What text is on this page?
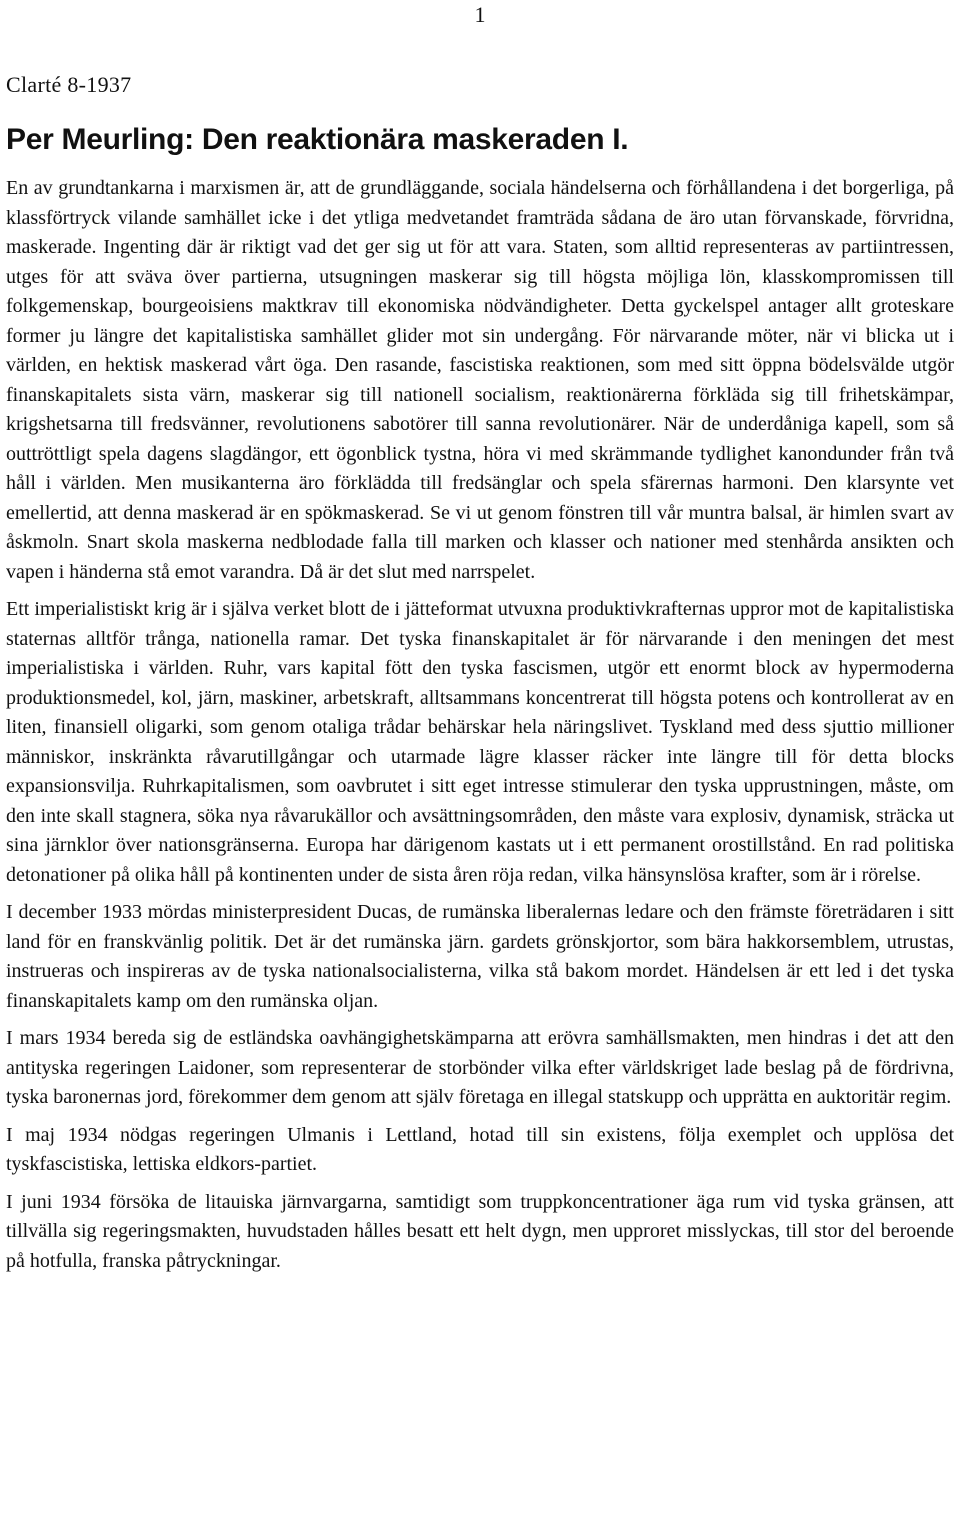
1
Clarté 8-1937
Per Meurling: Den reaktionära maskeraden I.

En av grundtankarna i marxismen är, att de grundläggande, sociala händelserna och förhållandena i det borgerliga, på klassförtryck vilande samhället icke i det ytliga medvetandet framträda sådana de äro utan förvanskade, förvridna, maskerade. Ingenting där är riktigt vad det ger sig ut för att vara. Staten, som alltid representeras av partiintressen, utges för att sväva över partierna, utsugningen maskerar sig till högsta möjliga lön, klasskompromissen till folkgemenskap, bourgeoisiens maktkrav till ekonomiska nödvändigheter. Detta gyckelspel antager allt groteskare former ju längre det kapitalistiska samhället glider mot sin undergång. För närvarande möter, när vi blicka ut i världen, en hektisk maskerad vårt öga. Den rasande, fascistiska reaktionen, som med sitt öppna bödelsvälde utgör finanskapitalets sista värn, maskerar sig till nationell socialism, reaktionärerna förkläda sig till frihetskämpar, krigshetsarna till fredsvänner, revolutionens sabotörer till sanna revolutionärer. När de underdåniga kapell, som så outtröttligt spela dagens slagdängor, ett ögonblick tystna, höra vi med skrämmande tydlighet kanondunder från två håll i världen. Men musikanterna äro förklädda till fredsänglar och spela sfärernas harmoni. Den klarsynte vet emellertid, att denna maskerad är en spökmaskerad. Se vi ut genom fönstren till vår muntra balsal, är himlen svart av åskmoln. Snart skola maskerna nedblodade falla till marken och klasser och nationer med stenhårda ansikten och vapen i händerna stå emot varandra. Då är det slut med narrspelet.

Ett imperialistiskt krig är i själva verket blott de i jätteformat utvuxna produktivkrafternas uppror mot de kapitalistiska staternas alltför trånga, nationella ramar. Det tyska finanskapitalet är för närvarande i den meningen det mest imperialistiska i världen. Ruhr, vars kapital fött den tyska fascismen, utgör ett enormt block av hypermoderna produktionsmedel, kol, järn, maskiner, arbetskraft, alltsammans koncentrerat till högsta potens och kontrollerat av en liten, finansiell oligarki, som genom otaliga trådar behärskar hela näringslivet. Tyskland med dess sjuttio millioner människor, inskränkta råvarutillgångar och utarmade lägre klasser räcker inte längre till för detta blocks expansionsvilja. Ruhrkapitalismen, som oavbrutet i sitt eget intresse stimulerar den tyska upprustningen, måste, om den inte skall stagnera, söka nya råvarukällor och avsättningsområden, den måste vara explosiv, dynamisk, sträcka ut sina järnklor över nationsgränserna. Europa har därigenom kastats ut i ett permanent orostillstånd. En rad politiska detonationer på olika håll på kontinenten under de sista åren röja redan, vilka hänsynslösa krafter, som är i rörelse.

I december 1933 mördas ministerpresident Ducas, de rumänska liberalernas ledare och den främste företrädaren i sitt land för en franskvänlig politik. Det är det rumänska järn. gardets grönskjortor, som bära hakkorsemblem, utrustas, instrueras och inspireras av de tyska nationalsocialisterna, vilka stå bakom mordet. Händelsen är ett led i det tyska finanskapitalets kamp om den rumänska oljan.

I mars 1934 bereda sig de estländska oavhängighetskämparna att erövra samhällsmakten, men hindras i det att den antityska regeringen Laidoner, som representerar de storbönder vilka efter världskriget lade beslag på de fördrivna, tyska baronernas jord, förekommer dem genom att själv företaga en illegal statskupp och upprätta en auktoritär regim.

I maj 1934 nödgas regeringen Ulmanis i Lettland, hotad till sin existens, följa exemplet och upplösa det tyskfascistiska, lettiska eldkors-partiet.

I juni 1934 försöka de litauiska järnvargarna, samtidigt som truppkoncentrationer äga rum vid tyska gränsen, att tillvälla sig regeringsmakten, huvudstaden hålles besatt ett helt dygn, men upproret misslyckas, till stor del beroende på hotfulla, franska påtryckningar.
